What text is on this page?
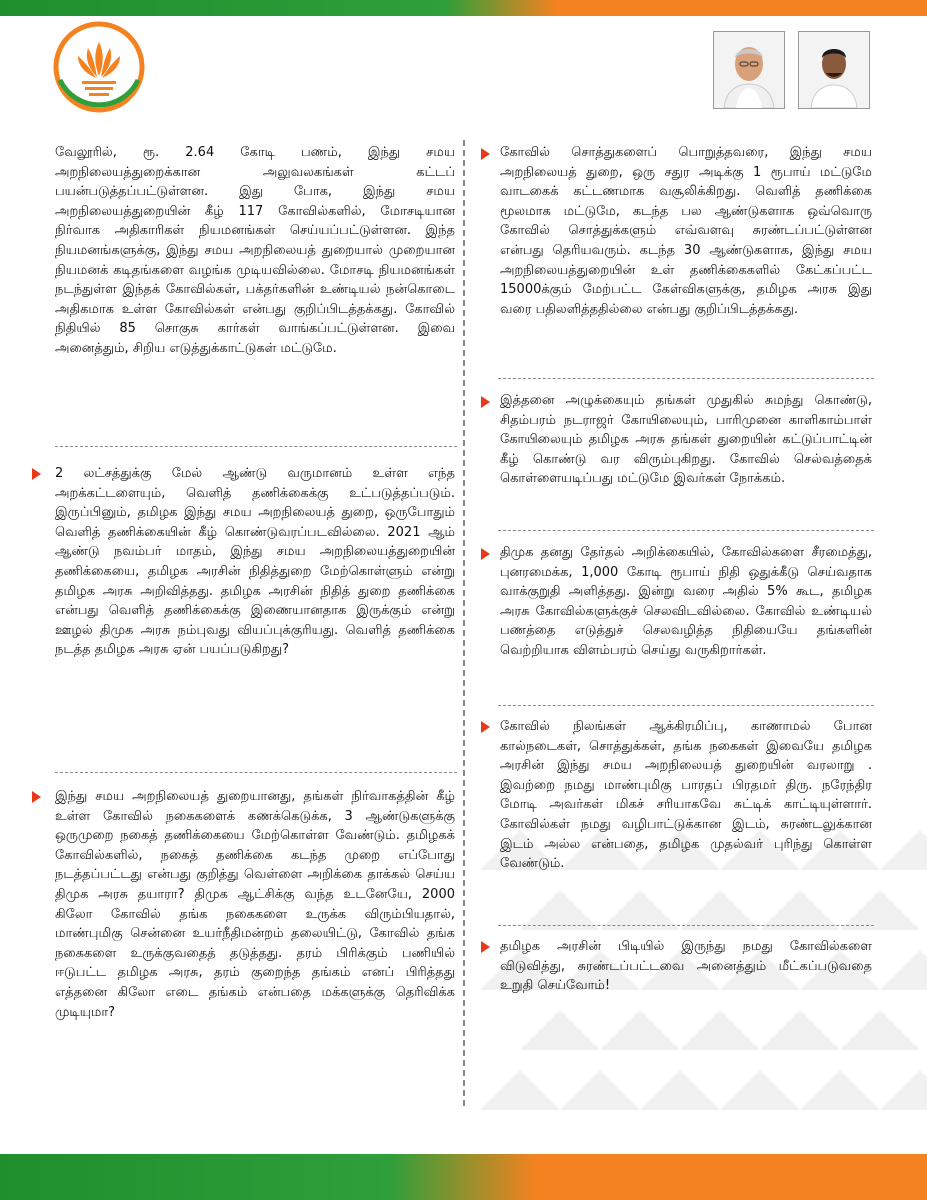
வேலூரில், ரூ. 2.64 கோடி பணம், இந்து சமய அறநிலையத்துறைக்கான அலுவலகங்கள் கட்டப் பயன்படுத்தப்பட்டுள்ளன. இது போக, இந்து சமய அறநிலையத்துறையின் கீழ் 117 கோவில்களில், மோசடியான நிர்வாக அதிகாரிகள் நியமனங்கள் செய்யப்பட்டுள்ளன. இந்த நியமனங்களுக்கு, இந்து சமய அறநிலையத் துறையால் முறையான நியமனக் கடிதங்களை வழங்க முடியவில்லை. மோசடி நியமனங்கள் நடந்துள்ள இந்தக் கோவில்கள், பக்தர்களின் உண்டியல் நன்கொடை அதிகமாக உள்ள கோவில்கள் என்பது குறிப்பிடத்தக்கது. கோவில் நிதியில் 85 சொகுசு கார்கள் வாங்கப்பட்டுள்ளன. இவை அனைத்தும், சிறிய எடுத்துக்காட்டுகள் மட்டுமே.

2 லட்சத்துக்கு மேல் ஆண்டு வருமானம் உள்ள எந்த அறக்கட்டளையும், வெளித் தணிக்கைக்கு உட்படுத்தப்படும். இருப்பினும், தமிழக இந்து சமய அறநிலையத் துறை, ஒருபோதும் வெளித் தணிக்கையின் கீழ் கொண்டுவரப்படவில்லை. 2021 ஆம் ஆண்டு நவம்பர் மாதம், இந்து சமய அறநிலையத்துறையின் தணிக்கையை, தமிழக அரசின் நிதித்துறை மேற்கொள்ளும் என்று தமிழக அரசு அறிவித்தது. தமிழக அரசின் நிதித் துறை தணிக்கை என்பது வெளித் தணிக்கைக்கு இணையானதாக இருக்கும் என்று ஊழல் திமுக அரசு நம்புவது வியப்புக்குரியது. வெளித் தணிக்கை நடத்த தமிழக அரசு ஏன் பயப்படுகிறது?

இந்து சமய அறநிலையத் துறையானது, தங்கள் நிர்வாகத்தின் கீழ் உள்ள கோவில் நகைகளைக் கணக்கெடுக்க, 3 ஆண்டுகளுக்கு ஒருமுறை நகைத் தணிக்கையை மேற்கொள்ள வேண்டும். தமிழகக் கோவில்களில், நகைத் தணிக்கை கடந்த முறை எப்போது நடத்தப்பட்டது என்பது குறித்து வெள்ளை அறிக்கை தாக்கல் செய்ய திமுக அரசு தயாரா? திமுக ஆட்சிக்கு வந்த உடனேயே, 2000 கிலோ கோவில் தங்க நகைகளை உருக்க விரும்பியதால், மாண்புமிகு சென்னை உயர்நீதிமன்றம் தலையிட்டு, கோவில் தங்க நகைகளை உருக்குவதைத் தடுத்தது. தரம் பிரிக்கும் பணியில் ஈடுபட்ட தமிழக அரசு, தரம் குறைந்த தங்கம் எனப் பிரித்தது எத்தனை கிலோ எடை தங்கம் என்பதை மக்களுக்கு தெரிவிக்க முடியுமா?

கோவில் சொத்துகளைப் பொறுத்தவரை, இந்து சமய அறநிலையத் துறை, ஒரு சதுர அடிக்கு 1 ரூபாய் மட்டுமே வாடகைக் கட்டணமாக வசூலிக்கிறது. வெளித் தணிக்கை மூலமாக மட்டுமே, கடந்த பல ஆண்டுகளாக ஒவ்வொரு கோவில் சொத்துக்களும் எவ்வளவு சுரண்டப்பட்டுள்ளன என்பது தெரியவரும். கடந்த 30 ஆண்டுகளாக, இந்து சமய அறநிலையத்துறையின் உள் தணிக்கைகளில் கேட்கப்பட்ட 15000க்கும் மேற்பட்ட கேள்விகளுக்கு, தமிழக அரசு இது வரை பதிலளித்ததில்லை என்பது குறிப்பிடத்தக்கது.

இத்தனை அழுக்கையும் தங்கள் முதுகில் சுமந்து கொண்டு, சிதம்பரம் நடராஜர் கோயிலையும், பாரிமுனை காளிகாம்பாள் கோயிலையும் தமிழக அரசு தங்கள் துறையின் கட்டுப்பாட்டின் கீழ் கொண்டு வர விரும்புகிறது. கோவில் செல்வத்தைக் கொள்ளையடிப்பது மட்டுமே இவர்கள் நோக்கம்.

திமுக தனது தேர்தல் அறிக்கையில், கோவில்களை சீரமைத்து, புனரமைக்க, 1,000 கோடி ரூபாய் நிதி ஒதுக்கீடு செய்வதாக வாக்குறுதி அளித்தது. இன்று வரை அதில் 5% கூட, தமிழக அரசு கோவில்களுக்குச் செலவிடவில்லை. கோவில் உண்டியல் பணத்தை எடுத்துச் செலவழித்த நிதியையே தங்களின் வெற்றியாக விளம்பரம் செய்து வருகிறார்கள்.

கோவில் நிலங்கள் ஆக்கிரமிப்பு, காணாமல் போன கால்நடைகள், சொத்துக்கள், தங்க நகைகள் இவையே தமிழக அரசின் இந்து சமய அறநிலையத் துறையின் வரலாறு . இவற்றை நமது மாண்புமிகு பாரதப் பிரதமர் திரு. நரேந்திர மோடி அவர்கள் மிகச் சரியாகவே சுட்டிக் காட்டியுள்ளார். கோவில்கள் நமது வழிபாட்டுக்கான இடம், சுரண்டலுக்கான இடம் அல்ல என்பதை, தமிழக முதல்வர் புரிந்து கொள்ள வேண்டும்.

தமிழக அரசின் பிடியில் இருந்து நமது கோவில்களை விடுவித்து, சுரண்டப்பட்டவை அனைத்தும் மீட்கப்படுவதை உறுதி செய்வோம்!
